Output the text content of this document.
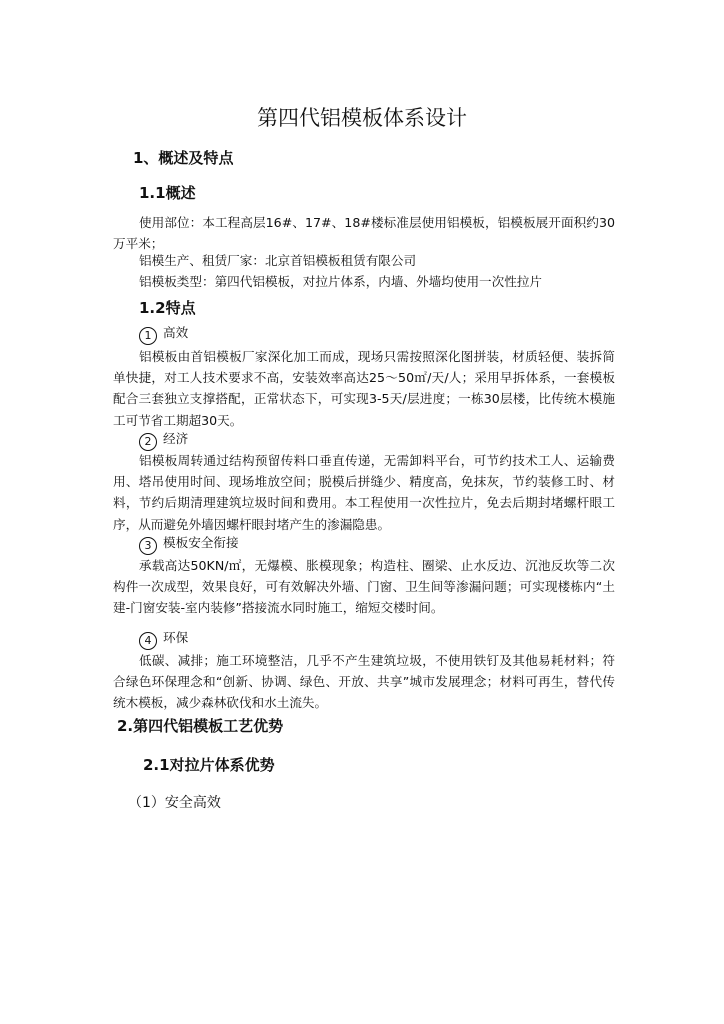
第四代铝模板体系设计
1、概述及特点
1.1概述

使用部位：本工程高层16#、17#、18#楼标准层使用铝模板，铝模板展开面积约30万平米；

铝模生产、租赁厂家：北京首铝模板租赁有限公司

铝模板类型：第四代铝模板，对拉片体系，内墙、外墙均使用一次性拉片

1.2特点
1 高效

铝模板由首铝模板厂家深化加工而成，现场只需按照深化图拼装，材质轻便、装拆简单快捷，对工人技术要求不高，安装效率高达25～50㎡/天/人；采用早拆体系，一套模板配合三套独立支撑搭配，正常状态下，可实现3-5天/层进度；一栋30层楼，比传统木模施工可节省工期超30天。

2 经济

铝模板周转通过结构预留传料口垂直传递，无需卸料平台，可节约技术工人、运输费用、塔吊使用时间、现场堆放空间；脱模后拼缝少、精度高，免抹灰，节约装修工时、材料，节约后期清理建筑垃圾时间和费用。本工程使用一次性拉片，免去后期封堵螺杆眼工序，从而避免外墙因螺杆眼封堵产生的渗漏隐患。

3 模板安全衔接

承载高达50KN/㎡，无爆模、胀模现象；构造柱、圈梁、止水反边、沉池反坎等二次构件一次成型，效果良好，可有效解决外墙、门窗、卫生间等渗漏问题；可实现楼栋内“土建-门窗安装-室内装修”搭接流水同时施工，缩短交楼时间。

4 环保

低碳、减排；施工环境整洁，几乎不产生建筑垃圾，不使用铁钉及其他易耗材料；符合绿色环保理念和“创新、协调、绿色、开放、共享”城市发展理念；材料可再生，替代传统木模板，减少森林砍伐和水土流失。

2.第四代铝模板工艺优势
2.1对拉片体系优势
（1）安全高效
